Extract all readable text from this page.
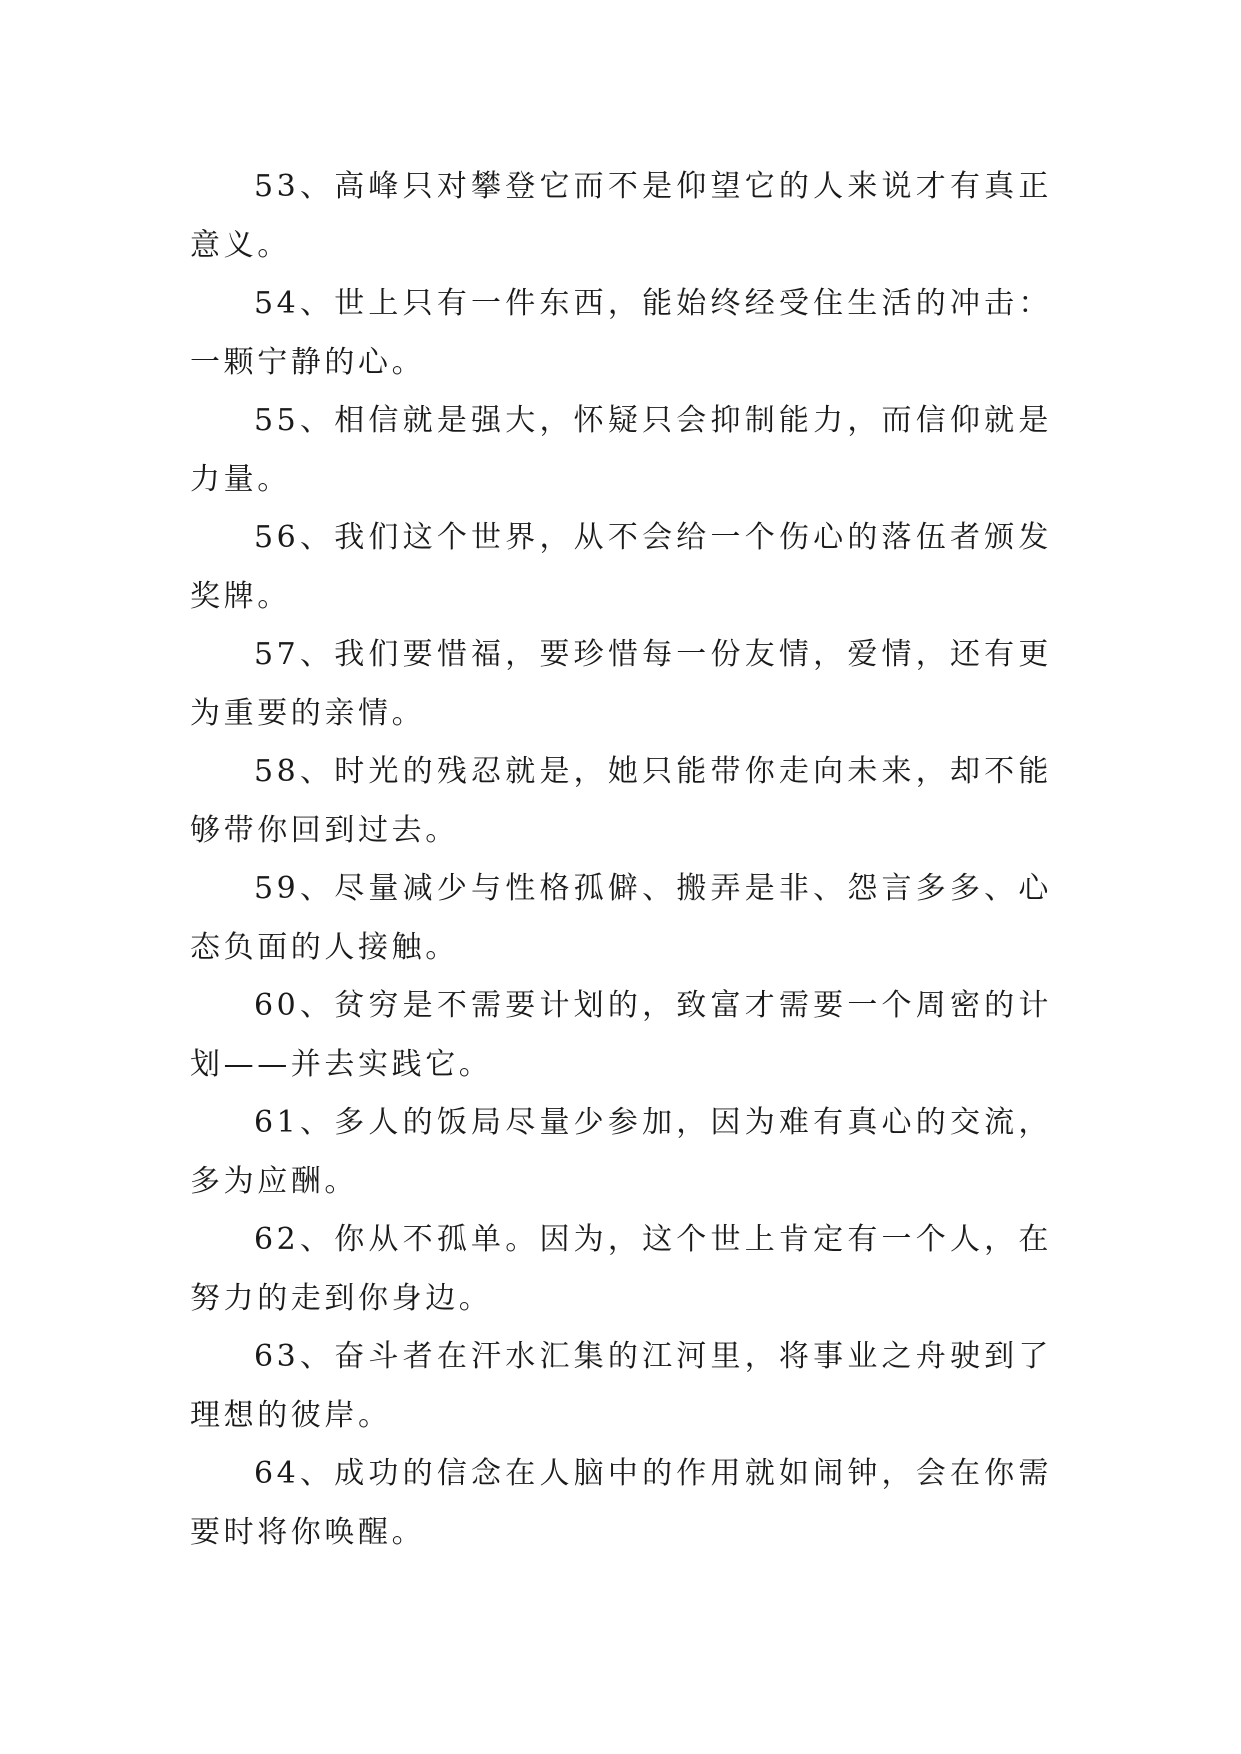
53、高峰只对攀登它而不是仰望它的人来说才有真正意义。

54、世上只有一件东西，能始终经受住生活的冲击：一颗宁静的心。

55、相信就是强大，怀疑只会抑制能力，而信仰就是力量。

56、我们这个世界，从不会给一个伤心的落伍者颁发奖牌。

57、我们要惜福，要珍惜每一份友情，爱情，还有更为重要的亲情。

58、时光的残忍就是，她只能带你走向未来，却不能够带你回到过去。

59、尽量减少与性格孤僻、搬弄是非、怨言多多、心态负面的人接触。

60、贫穷是不需要计划的，致富才需要一个周密的计划——并去实践它。

61、多人的饭局尽量少参加，因为难有真心的交流，多为应酬。

62、你从不孤单。因为，这个世上肯定有一个人，在努力的走到你身边。

63、奋斗者在汗水汇集的江河里，将事业之舟驶到了理想的彼岸。

64、成功的信念在人脑中的作用就如闹钟，会在你需要时将你唤醒。
